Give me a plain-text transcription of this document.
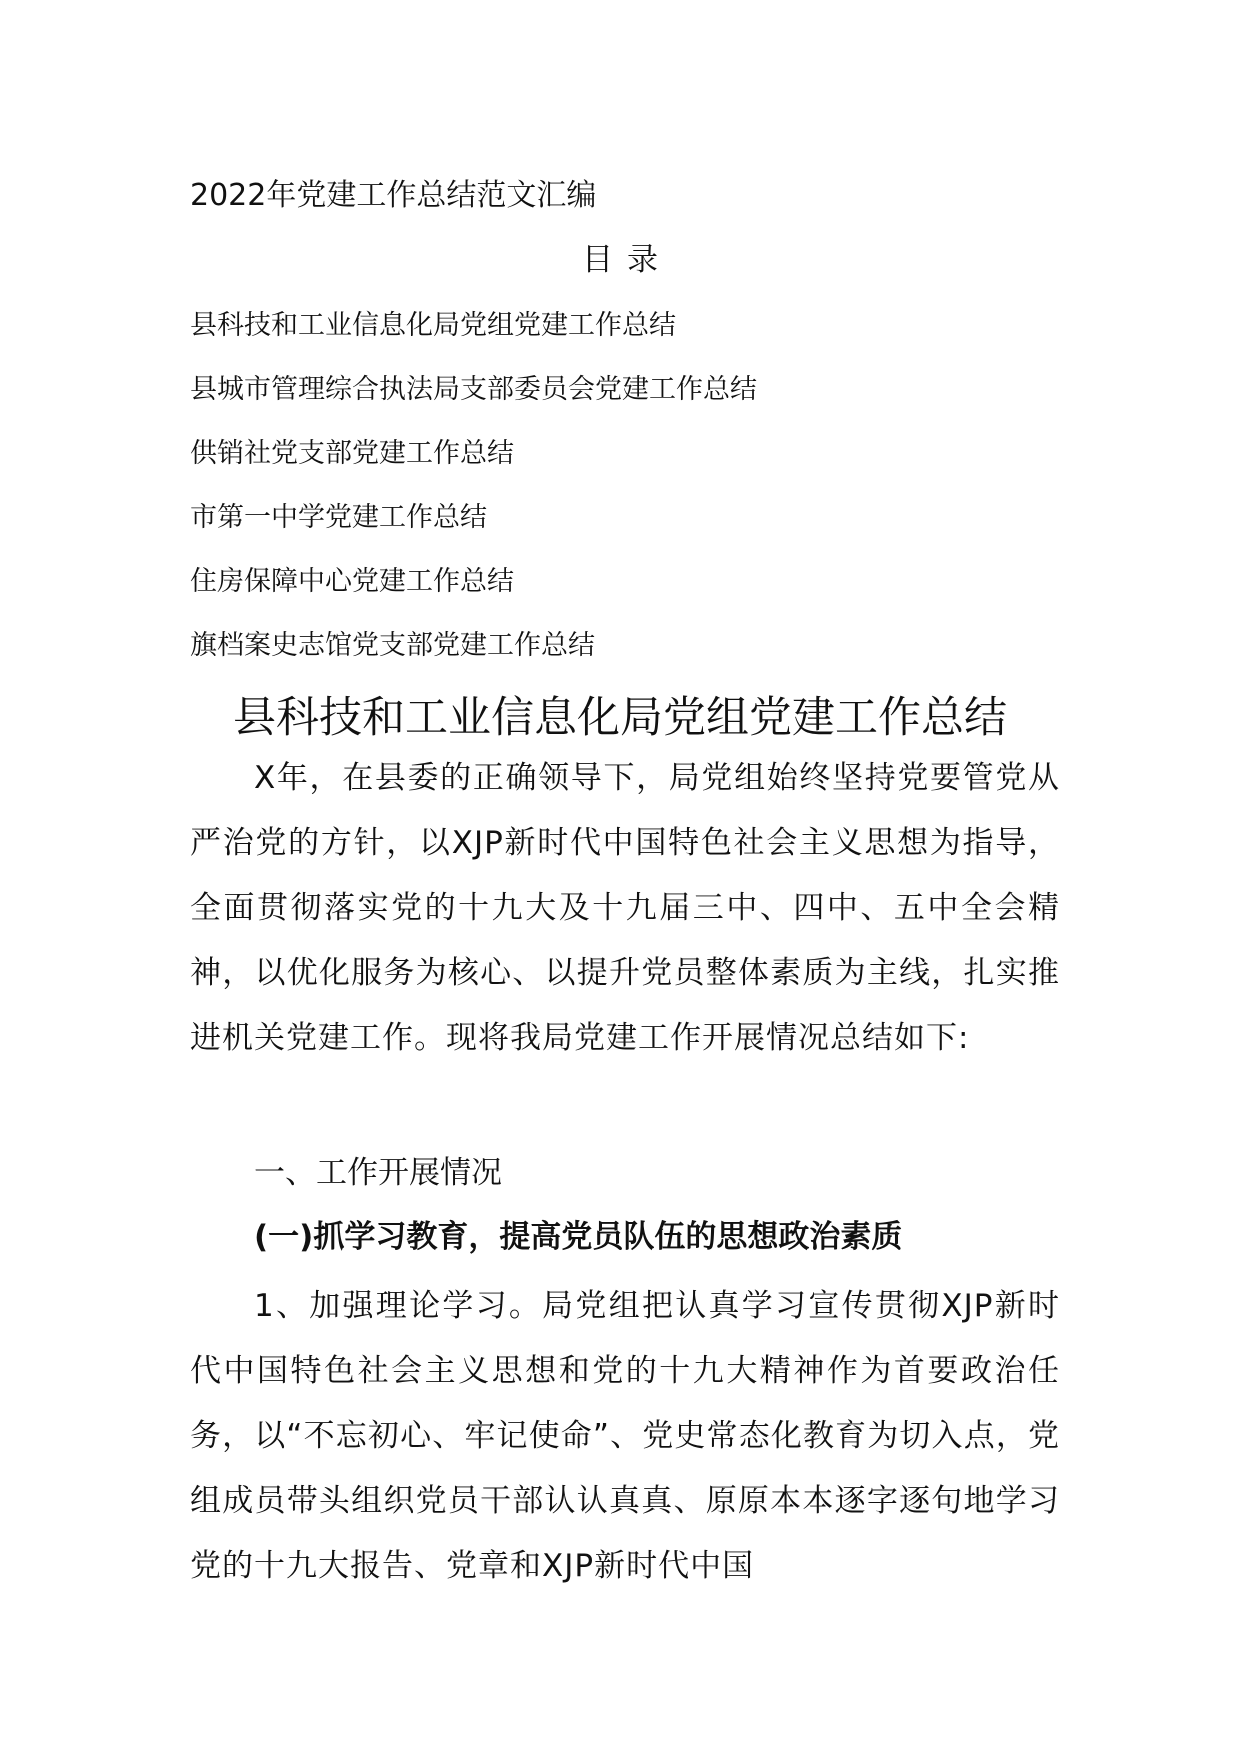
2022年党建工作总结范文汇编
目录
县科技和工业信息化局党组党建工作总结
县城市管理综合执法局支部委员会党建工作总结
供销社党支部党建工作总结
市第一中学党建工作总结
住房保障中心党建工作总结
旗档案史志馆党支部党建工作总结
县科技和工业信息化局党组党建工作总结

X年，在县委的正确领导下，局党组始终坚持党要管党从严治党的方针，以XJP新时代中国特色社会主义思想为指导，全面贯彻落实党的十九大及十九届三中、四中、五中全会精神，以优化服务为核心、以提升党员整体素质为主线，扎实推进机关党建工作。现将我局党建工作开展情况总结如下:

一、工作开展情况
(一)抓学习教育，提高党员队伍的思想政治素质

1、加强理论学习。局党组把认真学习宣传贯彻XJP新时代中国特色社会主义思想和党的十九大精神作为首要政治任务，以“不忘初心、牢记使命”、党史常态化教育为切入点，党组成员带头组织党员干部认认真真、原原本本逐字逐句地学习党的十九大报告、党章和XJP新时代中国
